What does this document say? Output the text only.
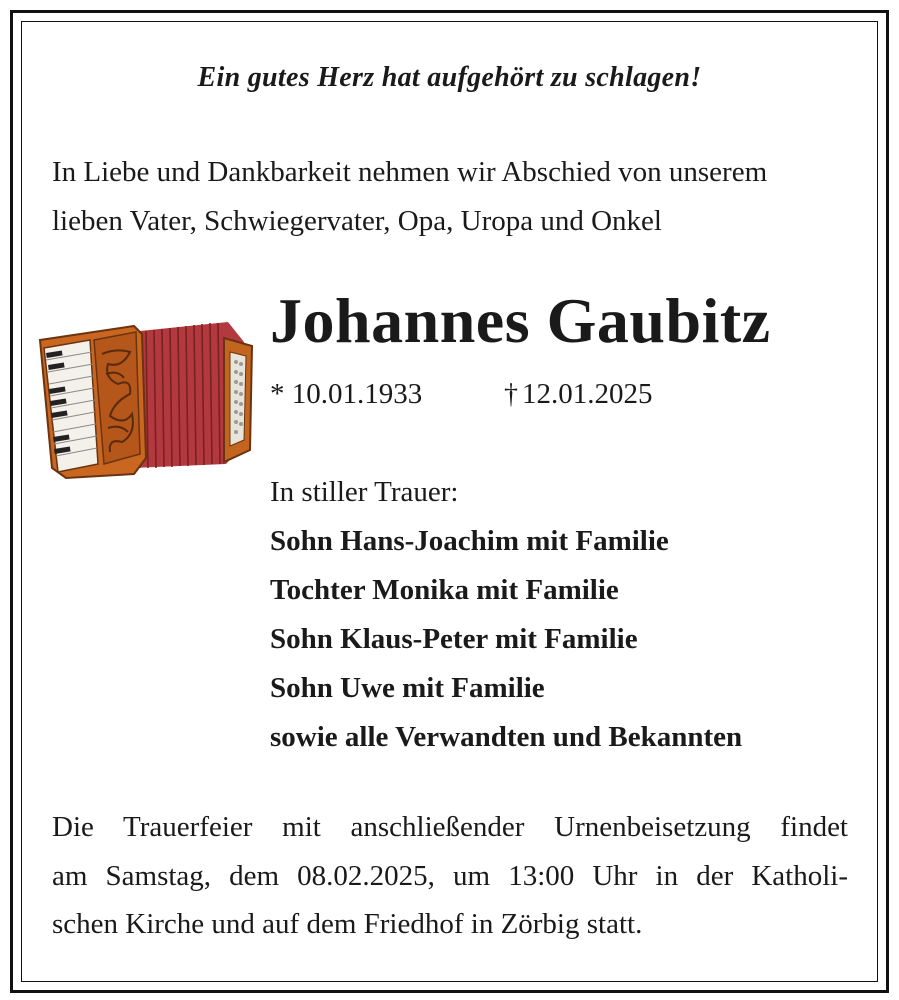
Ein gutes Herz hat aufgehört zu schlagen!
In Liebe und Dankbarkeit nehmen wir Abschied von unserem
lieben Vater, Schwiegervater, Opa, Uropa und Onkel
Johannes Gaubitz
* 10.01.1933	† 12.01.2025
In stiller Trauer:
Sohn Hans-Joachim mit Familie
Tochter Monika mit Familie
Sohn Klaus-Peter mit Familie
Sohn Uwe mit Familie
sowie alle Verwandten und Bekannten
Die Trauerfeier mit anschließender Urnenbeisetzung findet
am Samstag, dem 08.02.2025, um 13:00 Uhr in der Katholi-
schen Kirche und auf dem Friedhof in Zörbig statt.
